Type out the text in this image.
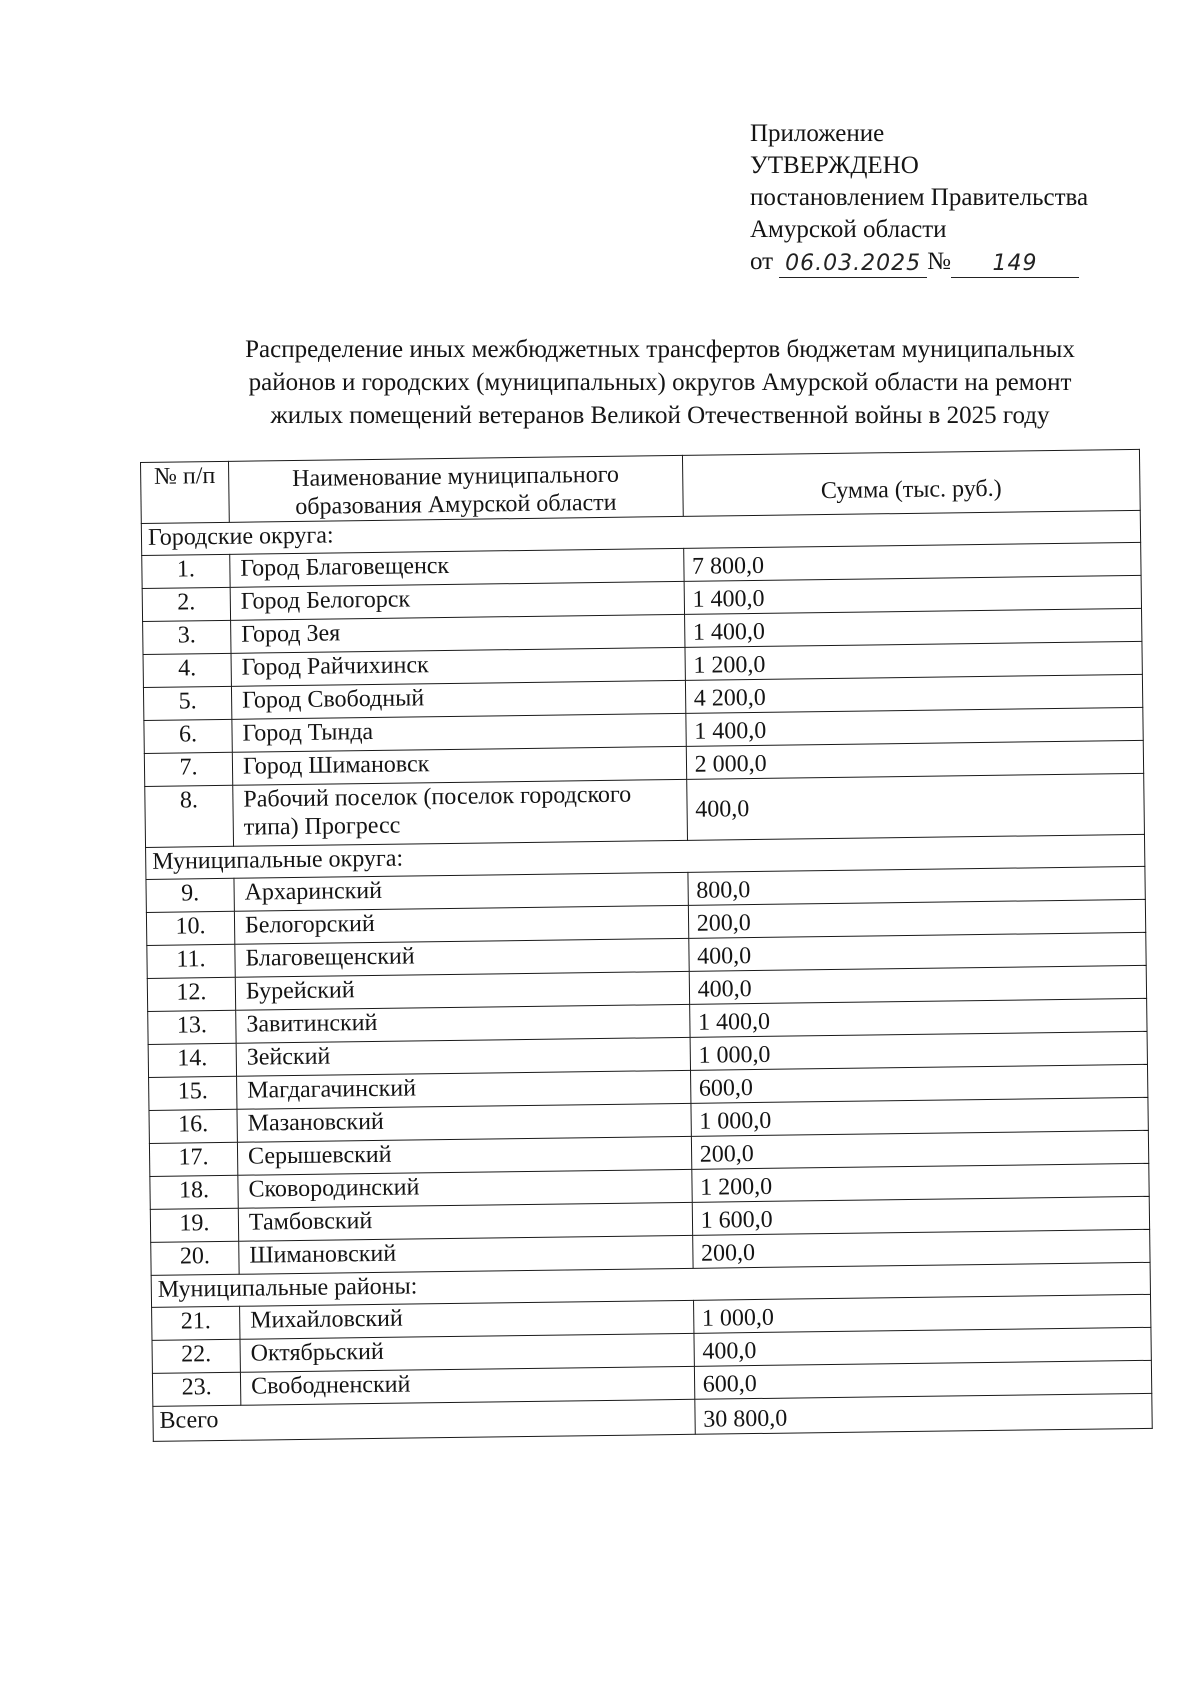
Приложение
УТВЕРЖДЕНО
постановлением Правительства
Амурской области
от 06.03.2025 №	149
Распределение иных межбюджетных трансфертов бюджетам муниципальных
районов и городских (муниципальных) округов Амурской области на ремонт
жилых помещений ветеранов Великой Отечественной войны в 2025 году
№ п/п	Наименование муниципального образования Амурской области	Сумма (тыс. руб.)
Городские округа:		
1.	Город Благовещенск	7 800,0
2.	Город Белогорск	1 400,0
3.	Город Зея	1 400,0
4.	Город Райчихинск	1 200,0
5.	Город Свободный	4 200,0
6.	Город Тында	1 400,0
7.	Город Шимановск	2 000,0
8.	Рабочий поселок (поселок городского типа) Прогресс	400,0
Муниципальные округа:		
9.	Архаринский	800,0
10.	Белогорский	200,0
11.	Благовещенский	400,0
12.	Бурейский	400,0
13.	Завитинский	1 400,0
14.	Зейский	1 000,0
15.	Магдагачинский	600,0
16.	Мазановский	1 000,0
17.	Серышевский	200,0
18.	Сковородинский	1 200,0
19.	Тамбовский	1 600,0
20.	Шимановский	200,0
Муниципальные районы:		
21.	Михайловский	1 000,0
22.	Октябрьский	400,0
23.	Свободненский	600,0
Всего		30 800,0
